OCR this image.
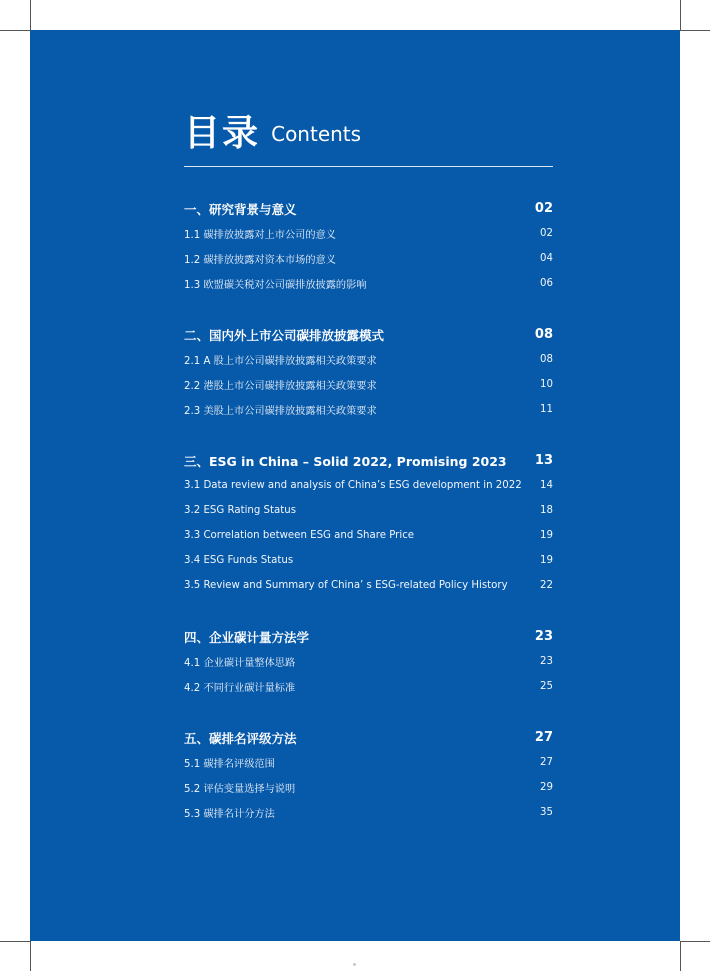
目录 Contents
一、研究背景与意义	02
1.1 碳排放披露对上市公司的意义	02
1.2 碳排放披露对资本市场的意义	04
1.3 欧盟碳关税对公司碳排放披露的影响	06
二、国内外上市公司碳排放披露模式	08
2.1 A 股上市公司碳排放披露相关政策要求	08
2.2 港股上市公司碳排放披露相关政策要求	10
2.3 美股上市公司碳排放披露相关政策要求	11
三、ESG in China – Solid 2022, Promising 2023 13
3.1 Data review and analysis of China’s ESG development in 2022 14
3.2 ESG Rating Status	18
3.3 Correlation between ESG and Share Price	19
3.4 ESG Funds Status	19
3.5 Review and Summary of China’ s ESG-related Policy History	22
四、企业碳计量方法学	23
4.1 企业碳计量整体思路	23
4.2 不同行业碳计量标准	25
五、碳排名评级方法	27
5.1 碳排名评级范围	27
5.2 评估变量选择与说明	29
5.3 碳排名计分方法	35
